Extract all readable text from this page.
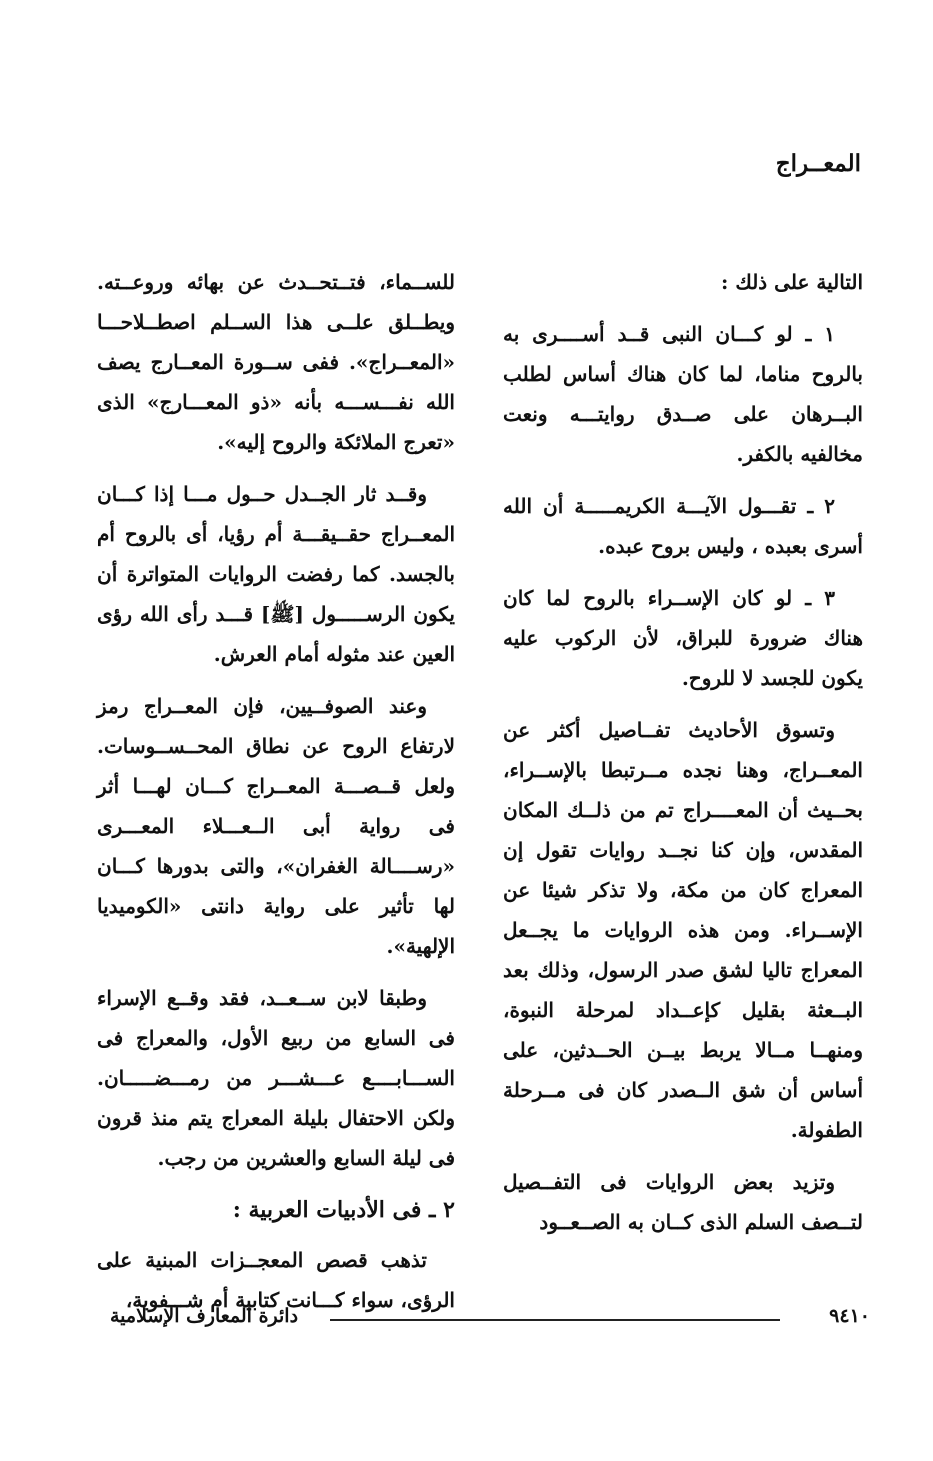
المعــراج

التالية على ذلك :

١ ـ لو كـــان النبى قــد أســــرى به بالروح مناما، لما كان هناك أساس لطلب البــرهان على صــدق روايتـــه ونعت مخالفيه بالكفر.

٢ ـ تقـــول الآيـــة الكريمـــــة أن الله أسرى بعبده ، وليس بروح عبده.

٣ ـ لو كان الإســراء بالروح لما كان هناك ضرورة للبراق، لأن الركوب عليه يكون للجسد لا للروح.

وتسوق الأحاديث تفــاصيل أكثر عن المعــراج، وهنا نجده مــرتبطا بالإســراء، بحــيث أن المعــــراج تم من ذلــك المكان المقدس، وإن كنا نجــد روايات تقول إن المعراج كان من مكة، ولا تذكر شيئا عن الإســراء. ومن هذه الروايات ما يجــعل المعراج تاليا لشق صدر الرسول، وذلك بعد البــعثة بقليل كإعــداد لمرحلة النبوة، ومنهــا مــالا يربط بيــن الحــدثين، على أساس أن شق الــصدر كان فى مــرحلة الطفولة.

وتزيد بعض الروايات فى التفــصيل لتــصف السلم الذى كــان به الصــعــود

للســماء، فتــتحــدث عن بهائه وروعــته. ويطــلق علــى هذا الســلم اصطــلاحـــا «المعــراج». ففى ســورة المعــارج يصف الله نفـــســـه بأنه «ذو المعـــارج» الذى «تعرج الملائكة والروح إليه».

وقــد ثار الجــدل حــول مـــا إذا كـــان المعــراج حقــيقـــة أم رؤيا، أى بالروح أم بالجسد. كما رفضت الروايات المتواترة أن يكون الرســـــول [ﷺ] قـــد رأى الله رؤى العين عند مثوله أمام العرش.

وعند الصوفــيين، فإن المعــراج رمز لارتفاع الروح عن نطاق المحــســوسات. ولعل قــصـــة المعــراج كـــان لهـــا أثر فى رواية أبى الــعـــلاء المعـــرى «رســــالة الغفران»، والتى بدورها كـــان لها تأثير على رواية دانتى «الكوميديا الإلهية».

وطبقا لابن ســعــد، فقد وقــع الإسراء فى السابع من ربيع الأول، والمعراج فى الســـابــــع عـــشـــر من رمـــضـــــان. ولكن الاحتفال بليلة المعراج يتم منذ قرون فى ليلة السابع والعشرين من رجب.

٢ ـ فى الأدبيات العربية :

تذهب قصص المعجــزات المبنية على الرؤى، سواء كـــانت كتابية أم شـــفوية،

٩٤١٠
دائرة المعارف الإسلامية
